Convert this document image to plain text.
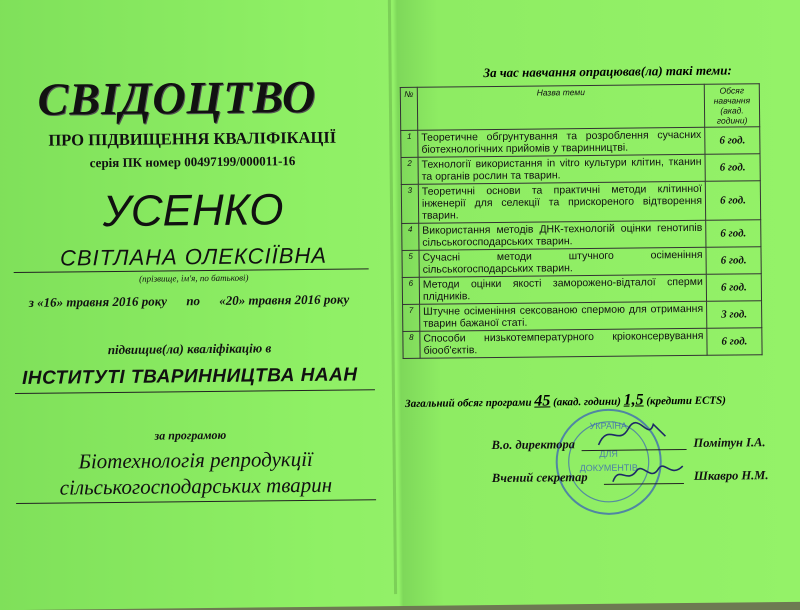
СВІДОЦТВО
ПРО ПІДВИЩЕННЯ КВАЛІФІКАЦІЇ
серія ПК номер 00497199/000011-16
УСЕНКО
СВІТЛАНА ОЛЕКСІЇВНА
(прізвище, ім'я, по батькові)
з «16» травня 2016 року по «20» травня 2016 року
підвищив(ла) кваліфікацію в
ІНСТИТУТІ ТВАРИННИЦТВА НААН
за програмою
Біотехнологія репродукції
сільськогосподарських тварин
За час навчання опрацював(ла) такі теми:
№	Назва теми	Обсяг навчання (акад. години)
1	Теоретичне обгрунтування та розроблення сучасних біотехнологічних прийомів у тваринництві.	6 год.
2	Технології використання in vitro культури клітин, тканин та органів рослин та тварин.	6 год.
3	Теоретичні основи та практичні методи клітинної інженерії для селекції та прискореного відтворення тварин.	6 год.
4	Використання методів ДНК-технологій оцінки генотипів сільськогосподарських тварин.	6 год.
5	Сучасні методи штучного осіменіння сільськогосподарських тварин.	6 год.
6	Методи оцінки якості заморожено-відталої сперми плідників.	6 год.
7	Штучне осіменіння сексованою спермою для отримання тварин бажаної статі.	3 год.
8	Способи низькотемпературного кріоконсервування біооб'єктів.	6 год.
Загальний обсяг програми 45 (акад. години) 1,5 (кредити ECTS)
УКРАЇНА
ДЛЯ
ДОКУМЕНТІВ
В.о. директора	Помітун І.А.
Вчений секретар	Шкавро Н.М.
